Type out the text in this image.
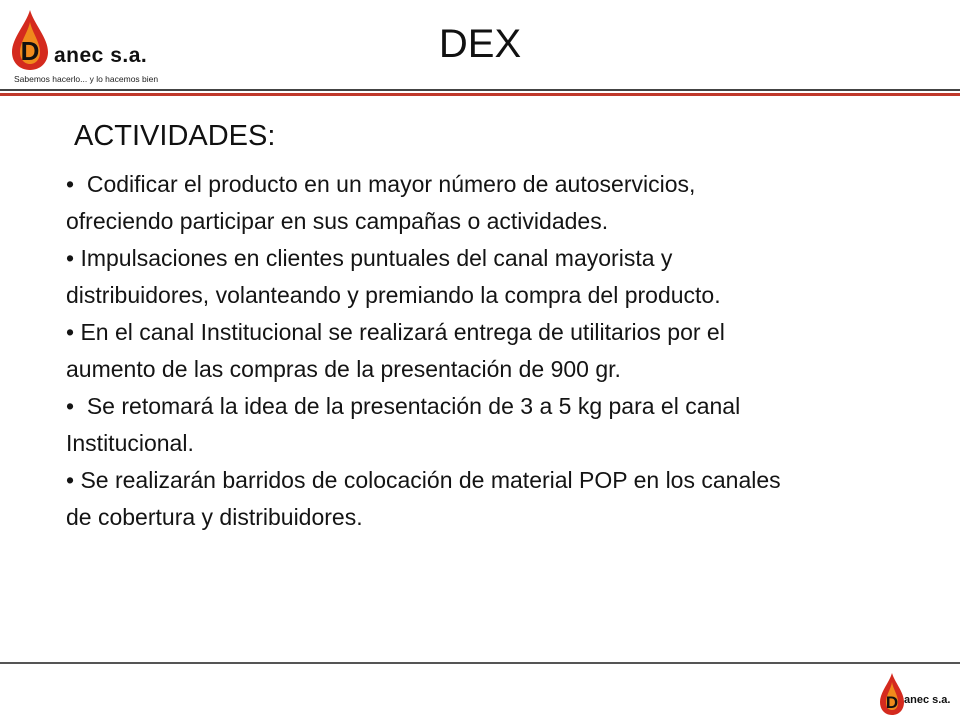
D anec s.a.
Sabemos hacerlo... y lo hacemos bien
DEX
ACTIVIDADES:

•  Codificar el producto en un mayor número de autoservicios, ofreciendo participar en sus campañas o actividades.

• Impulsaciones en clientes puntuales del canal mayorista y distribuidores, volanteando y premiando la compra del producto.

• En el canal Institucional se realizará entrega de utilitarios por el aumento de las compras de la presentación de 900 gr.

•  Se retomará la idea de la presentación de 3 a 5 kg para el canal Institucional.

• Se realizarán barridos de colocación de material POP en los canales de cobertura y distribuidores.

D anec s.a.
